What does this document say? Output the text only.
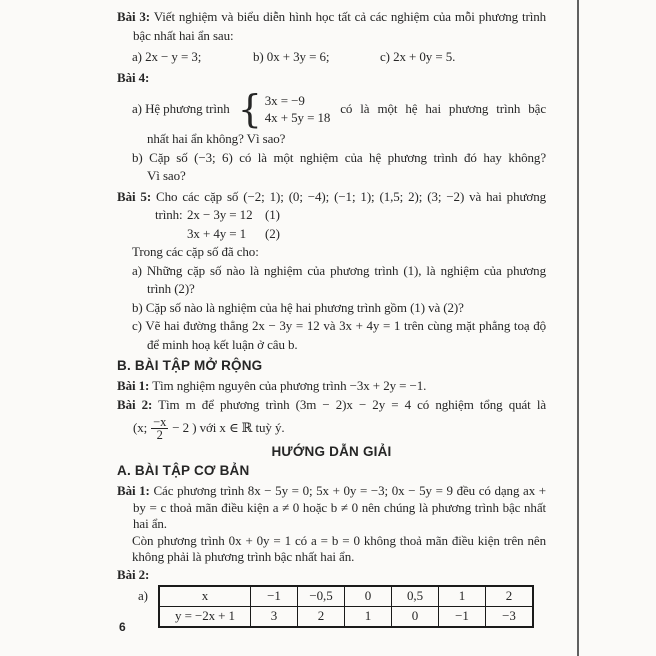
Bài 3: Viết nghiệm và biểu diễn hình học tất cả các nghiệm của mỗi phương trình bậc nhất hai ẩn sau:
a) 2x − y = 3;	b) 0x + 3y = 6;	c) 2x + 0y = 5.
Bài 4:
a) Hệ phương trình { 3x = −9
4x + 5y = 18
có là một hệ hai phương trình bậc
nhất hai ẩn không? Vì sao?
b) Cặp số (−3; 6) có là một nghiệm của hệ phương trình đó hay không?
Vì sao?
Bài 5: Cho các cặp số (−2; 1); (0; −4); (−1; 1); (1,5; 2); (3; −2) và hai phương
trình: 2x − 3y = 12 (1)
3x + 4y = 1 (2)
Trong các cặp số đã cho:
a) Những cặp số nào là nghiệm của phương trình (1), là nghiệm của phương trình (2)?
b) Cặp số nào là nghiệm của hệ hai phương trình gồm (1) và (2)?
c) Vẽ hai đường thẳng 2x − 3y = 12 và 3x + 4y = 1 trên cùng mặt phẳng toạ độ để minh hoạ kết luận ở câu b.
B. BÀI TẬP MỞ RỘNG
Bài 1: Tìm nghiệm nguyên của phương trình −3x + 2y = −1.
Bài 2: Tìm m để phương trình (3m − 2)x − 2y = 4 có nghiệm tổng quát là
(x; $\frac{-x}{2} - 2$ ) với x ∈ ℝ tuỳ ý.
HƯỚNG DẪN GIẢI
A. BÀI TẬP CƠ BẢN
Bài 1: Các phương trình 8x − 5y = 0; 5x + 0y = −3; 0x − 5y = 9 đều có dạng ax + by = c thoả mãn điều kiện a ≠ 0 hoặc b ≠ 0 nên chúng là phương trình bậc nhất hai ẩn.
Còn phương trình 0x + 0y = 1 có a = b = 0 không thoả mãn điều kiện trên nên không phải là phương trình bậc nhất hai ẩn.
Bài 2:
a)	x	−1	−0,5	0	0,5	1	2
y = −2x + 1	3	2	1	0	−1	−3
6
